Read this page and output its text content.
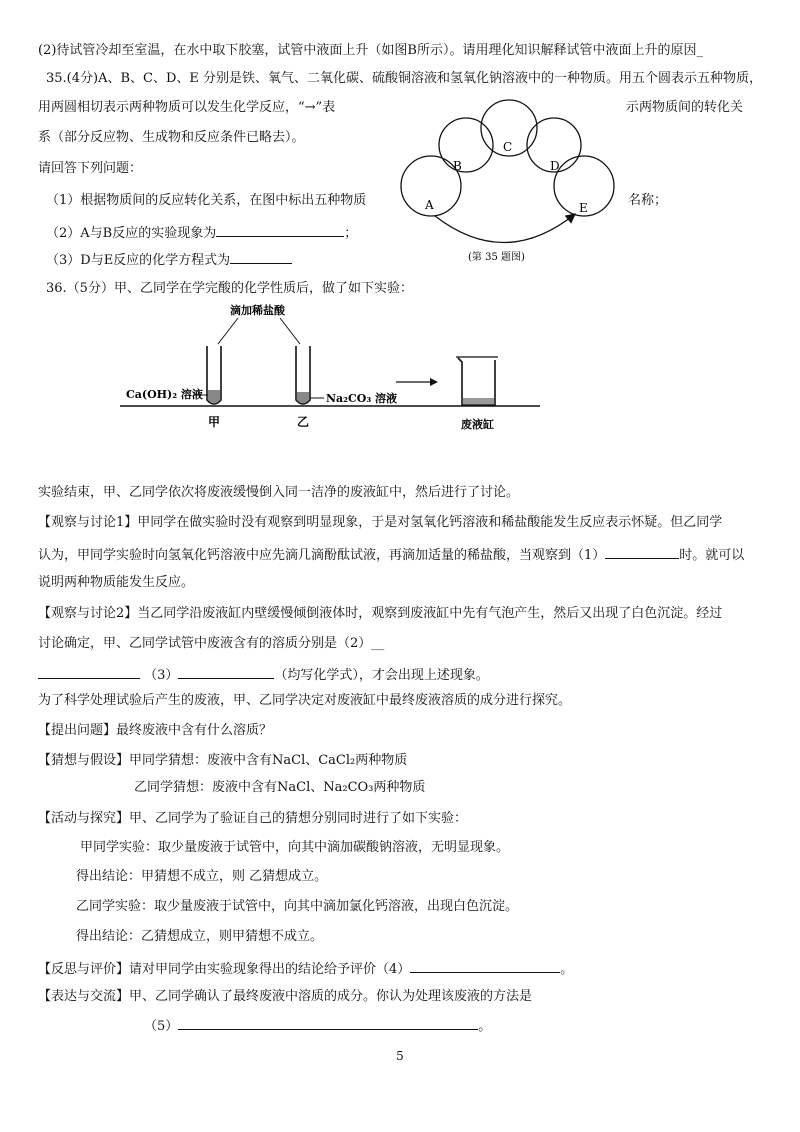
(2)待试管冷却至室温，在水中取下胶塞，试管中液面上升（如图B所示）。请用理化知识解释试管中液面上升的原因_
35.(4分)A、B、C、D、E 分别是铁、氧气、二氧化碳、硫酸铜溶液和氢氧化钠溶液中的一种物质。用五个圆表示五种物质，
用两圆相切表示两种物质可以发生化学反应，“→”表	示两物质间的转化关
系（部分反应物、生成物和反应条件已略去）。
请回答下列问题：
（1）根据物质间的反应转化关系，在图中标出五种物质	名称；
（2）A与B反应的实验现象为	；
（3）D与E反应的化学方程式为
A
B
C
D
E
(第 35 题图)
36.（5分）甲、乙同学在学完酸的化学性质后，做了如下实验：
滴加稀盐酸
Ca(OH)₂ 溶液	Na₂CO₃ 溶液
甲	乙	废液缸
实验结束，甲、乙同学依次将废液缓慢倒入同一洁净的废液缸中，然后进行了讨论。
【观察与讨论1】甲同学在做实验时没有观察到明显现象，于是对氢氧化钙溶液和稀盐酸能发生反应表示怀疑。但乙同学
认为，甲同学实验时向氢氧化钙溶液中应先滴几滴酚酞试液，再滴加适量的稀盐酸，当观察到（1）	时。就可以
说明两种物质能发生反应。
【观察与讨论2】当乙同学沿废液缸内壁缓慢倾倒液体时，观察到废液缸中先有气泡产生，然后又出现了白色沉淀。经过
讨论确定，甲、乙同学试管中废液含有的溶质分别是（2）__
（3）	（均写化学式），才会出现上述现象。
为了科学处理试验后产生的废液，甲、乙同学决定对废液缸中最终废液溶质的成分进行探究。
【提出问题】最终废液中含有什么溶质？
【猜想与假设】甲同学猜想：废液中含有NaCl、CaCl₂两种物质
乙同学猜想：废液中含有NaCl、Na₂CO₃两种物质
【活动与探究】甲、乙同学为了验证自己的猜想分别同时进行了如下实验：
甲同学实验：取少量废液于试管中，向其中滴加碳酸钠溶液，无明显现象。
得出结论：甲猜想不成立，则 乙猜想成立。
乙同学实验：取少量废液于试管中，向其中滴加氯化钙溶液，出现白色沉淀。
得出结论：乙猜想成立，则甲猜想不成立。
【反思与评价】请对甲同学由实验现象得出的结论给予评价（4）	。
【表达与交流】甲、乙同学确认了最终废液中溶质的成分。你认为处理该废液的方法是
（5）	。
5
